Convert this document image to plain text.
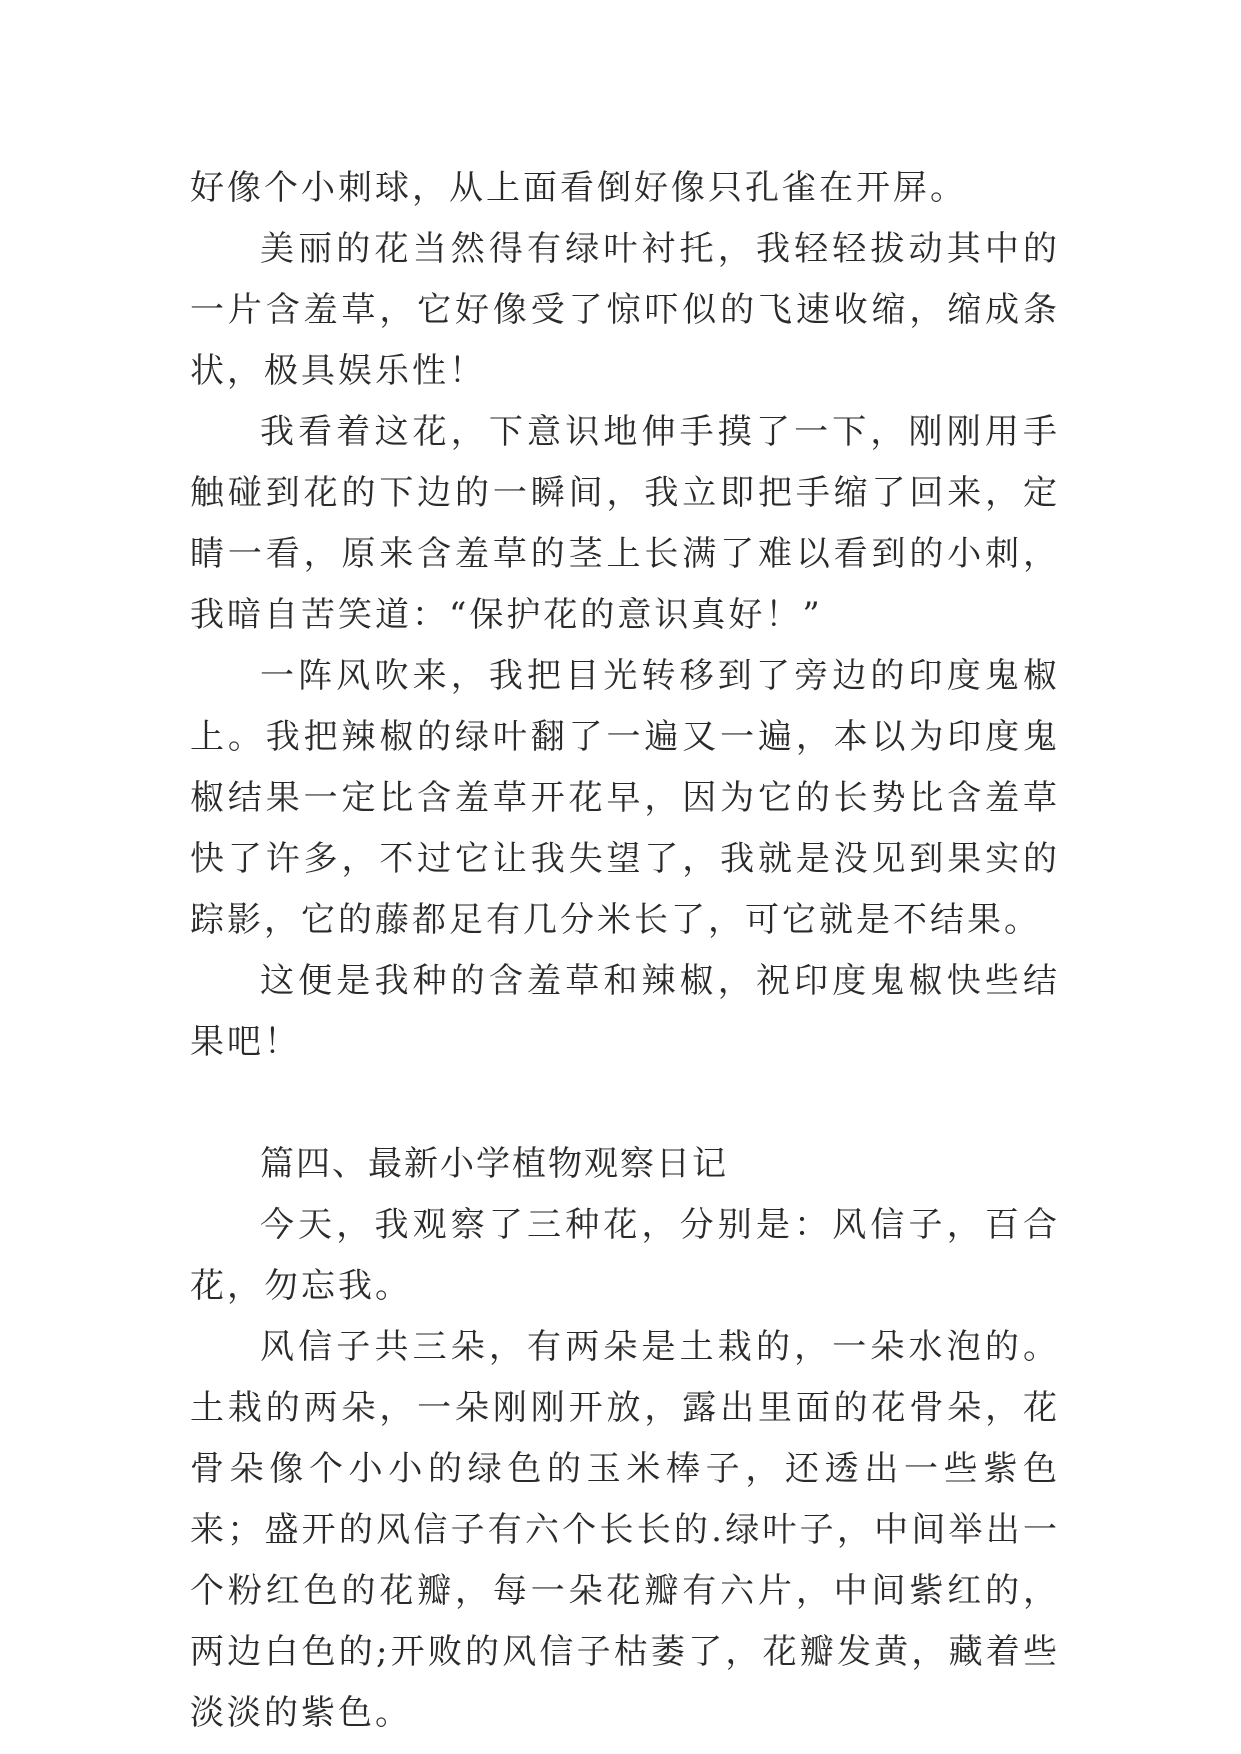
好像个小刺球，从上面看倒好像只孔雀在开屏。

美丽的花当然得有绿叶衬托，我轻轻拔动其中的一片含羞草，它好像受了惊吓似的飞速收缩，缩成条状，极具娱乐性！

我看着这花，下意识地伸手摸了一下，刚刚用手触碰到花的下边的一瞬间，我立即把手缩了回来，定睛一看，原来含羞草的茎上长满了难以看到的小刺，我暗自苦笑道：“保护花的意识真好！”

一阵风吹来，我把目光转移到了旁边的印度鬼椒上。我把辣椒的绿叶翻了一遍又一遍，本以为印度鬼椒结果一定比含羞草开花早，因为它的长势比含羞草快了许多，不过它让我失望了，我就是没见到果实的踪影，它的藤都足有几分米长了，可它就是不结果。

这便是我种的含羞草和辣椒，祝印度鬼椒快些结果吧！

篇四、最新小学植物观察日记

今天，我观察了三种花，分别是：风信子，百合花，勿忘我。

风信子共三朵，有两朵是土栽的，一朵水泡的。土栽的两朵，一朵刚刚开放，露出里面的花骨朵，花骨朵像个小小的绿色的玉米棒子，还透出一些紫色来；盛开的风信子有六个长长的.绿叶子，中间举出一个粉红色的花瓣，每一朵花瓣有六片，中间紫红的，两边白色的;开败的风信子枯萎了，花瓣发黄，藏着些淡淡的紫色。
